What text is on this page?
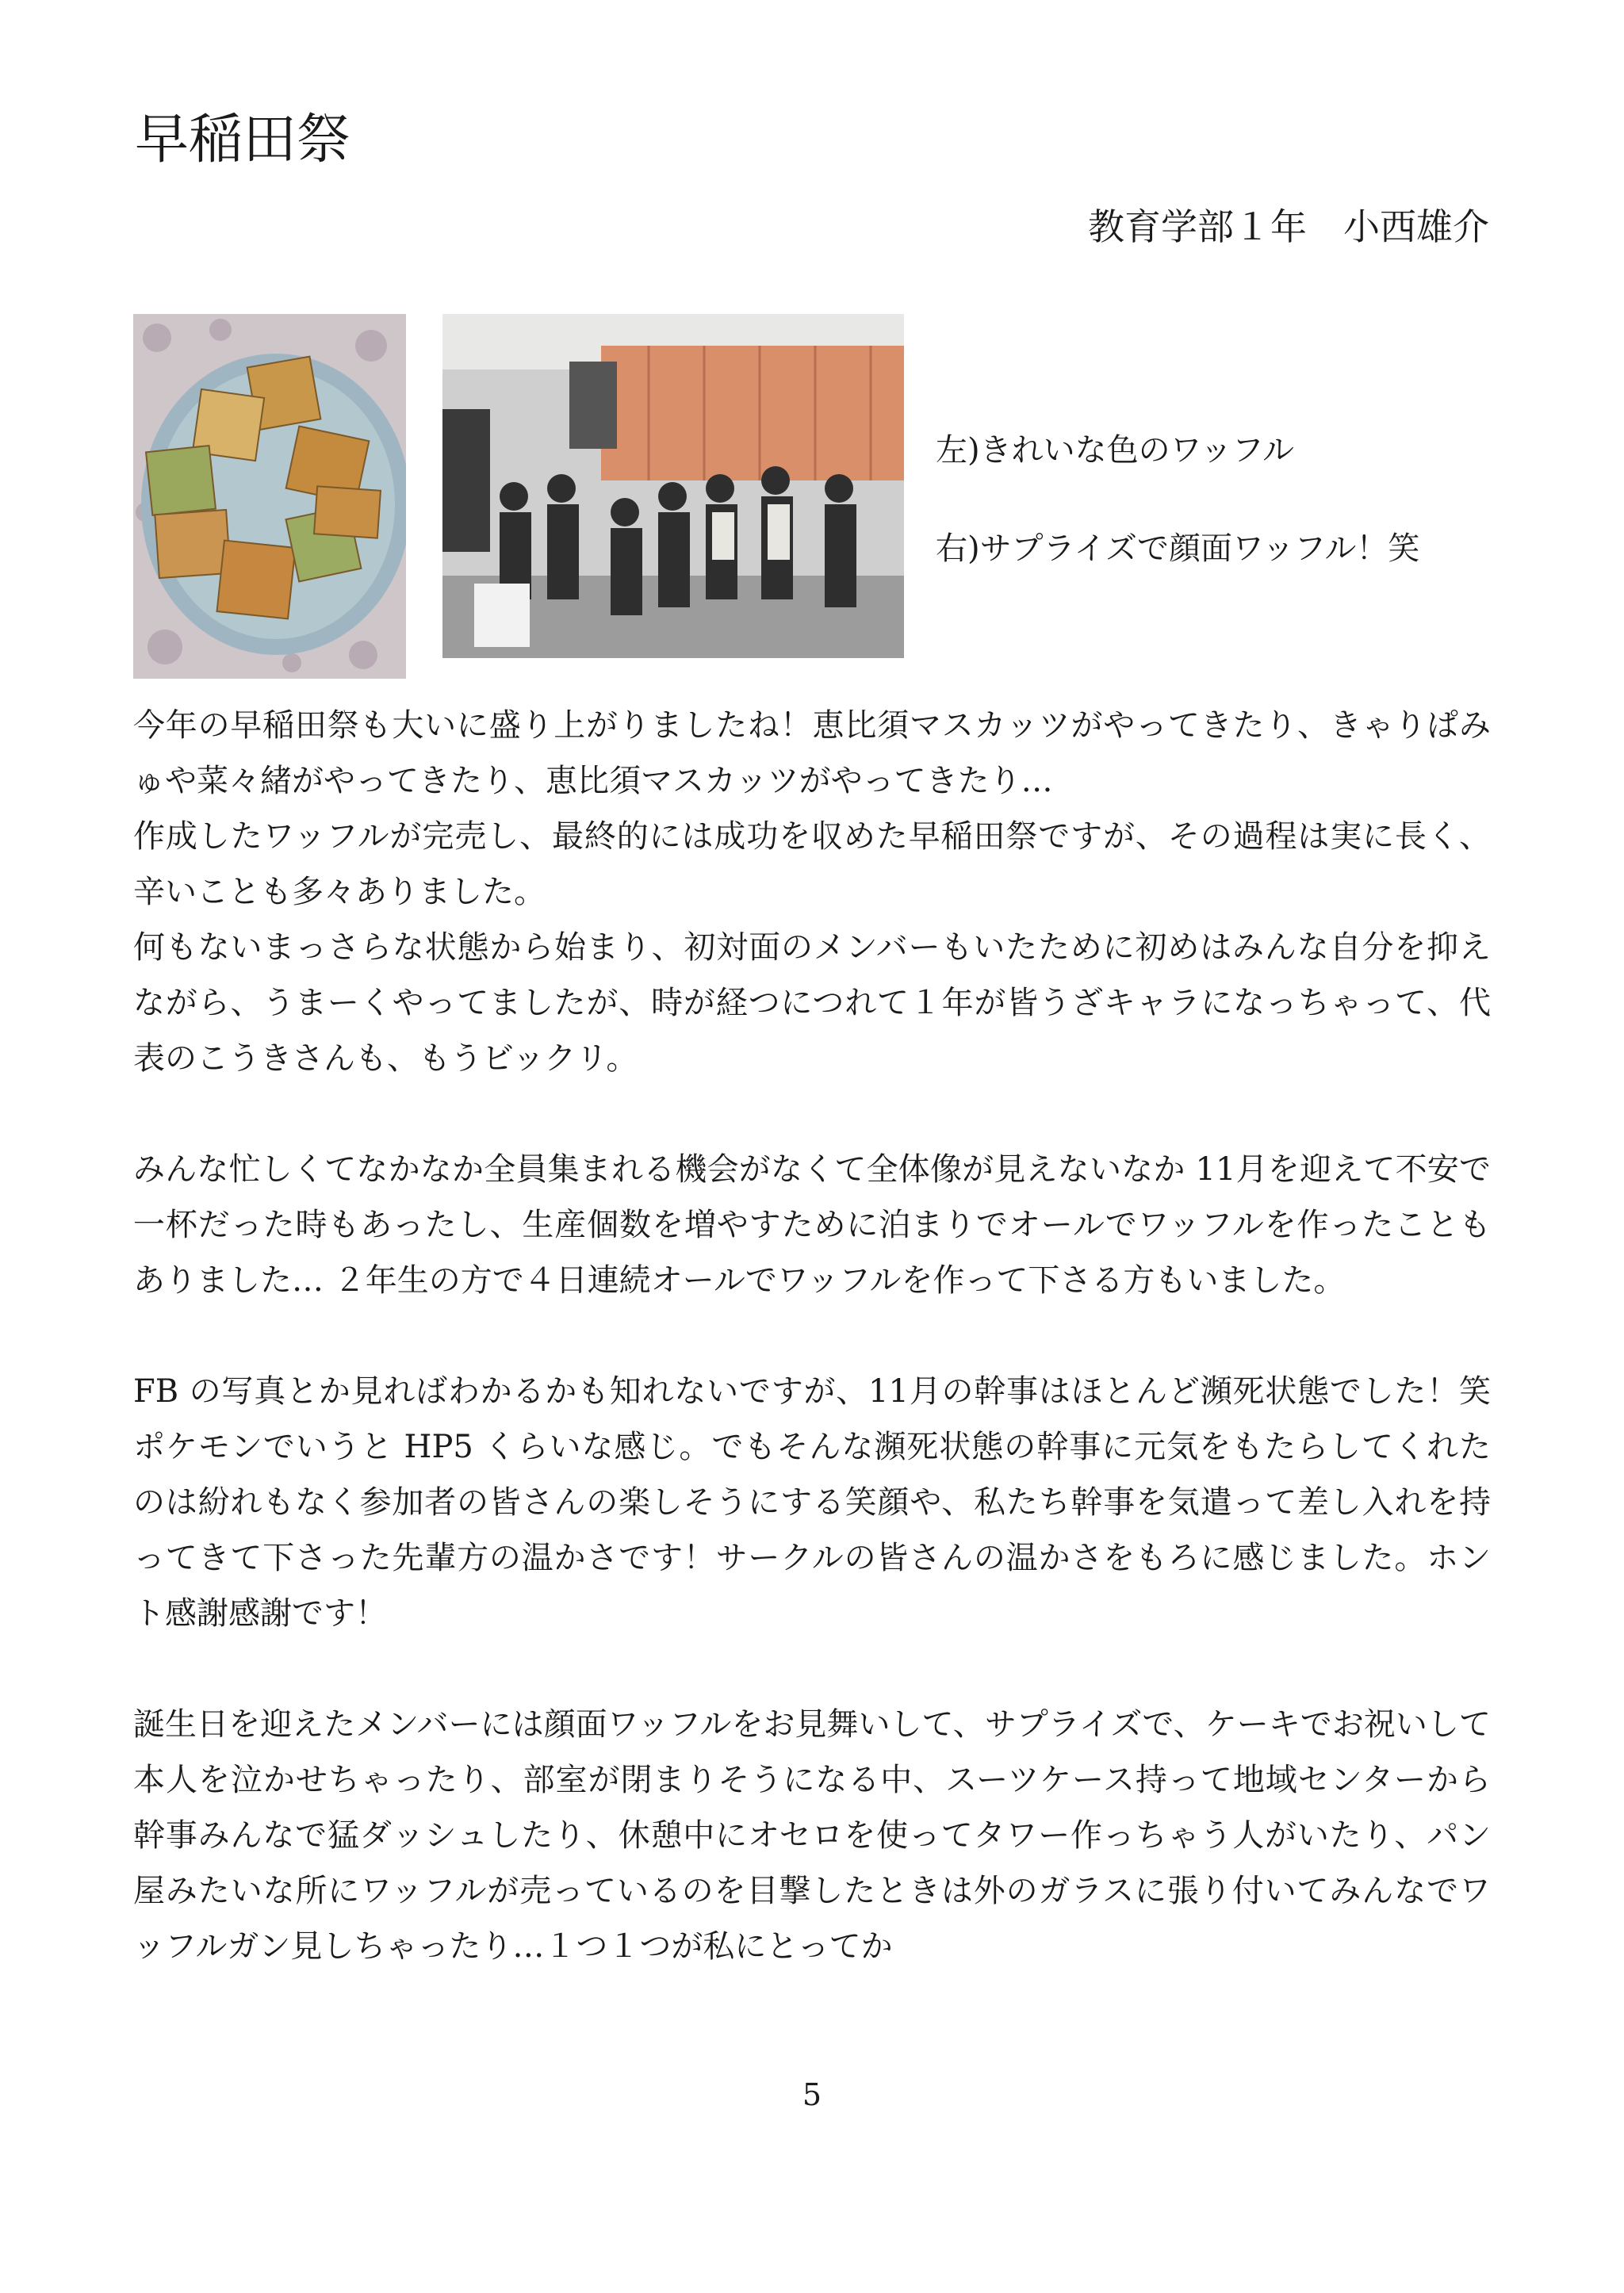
早稲田祭
教育学部１年　小西雄介
左)きれいな色のワッフル
右)サプライズで顔面ワッフル！笑

今年の早稲田祭も大いに盛り上がりましたね！恵比須マスカッツがやってきたり、きゃりぱみゅや菜々緒がやってきたり、恵比須マスカッツがやってきたり…

作成したワッフルが完売し、最終的には成功を収めた早稲田祭ですが、その過程は実に長く、辛いことも多々ありました。

何もないまっさらな状態から始まり、初対面のメンバーもいたために初めはみんな自分を抑えながら、うまーくやってましたが、時が経つにつれて１年が皆うざキャラになっちゃって、代表のこうきさんも、もうビックリ。

みんな忙しくてなかなか全員集まれる機会がなくて全体像が見えないなか 11月を迎えて不安で一杯だった時もあったし、生産個数を増やすために泊まりでオールでワッフルを作ったこともありました… ２年生の方で４日連続オールでワッフルを作って下さる方もいました。

FB の写真とか見ればわかるかも知れないですが、11月の幹事はほとんど瀕死状態でした！笑　ポケモンでいうと HP5 くらいな感じ。でもそんな瀕死状態の幹事に元気をもたらしてくれたのは紛れもなく参加者の皆さんの楽しそうにする笑顔や、私たち幹事を気遣って差し入れを持ってきて下さった先輩方の温かさです！サークルの皆さんの温かさをもろに感じました。ホント感謝感謝です！

誕生日を迎えたメンバーには顔面ワッフルをお見舞いして、サプライズで、ケーキでお祝いして本人を泣かせちゃったり、部室が閉まりそうになる中、スーツケース持って地域センターから幹事みんなで猛ダッシュしたり、休憩中にオセロを使ってタワー作っちゃう人がいたり、パン屋みたいな所にワッフルが売っているのを目撃したときは外のガラスに張り付いてみんなでワッフルガン見しちゃったり…１つ１つが私にとってか

5
